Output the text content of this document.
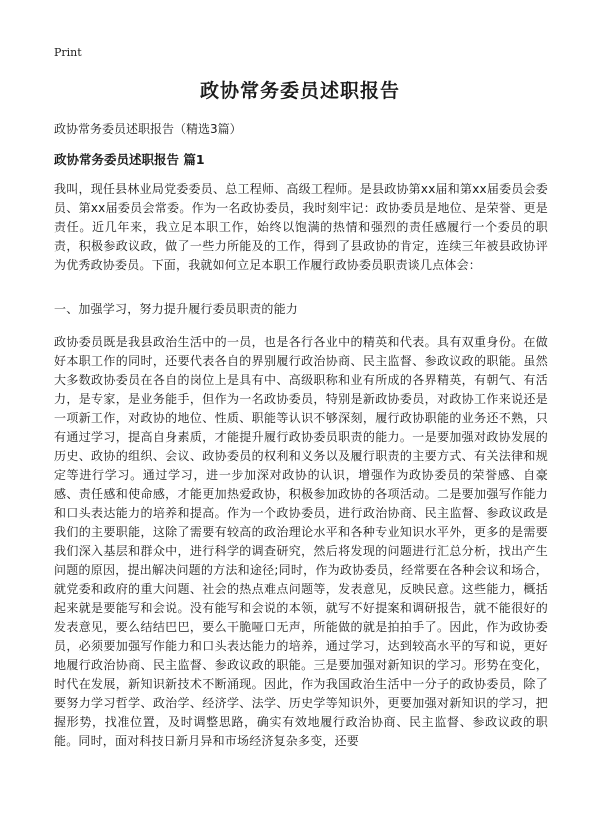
Print
政协常务委员述职报告
政协常务委员述职报告（精选3篇）
政协常务委员述职报告 篇1
我叫，现任县林业局党委委员、总工程师、高级工程师。是县政协第xx届和第xx届委员会委员、第xx届委员会常委。作为一名政协委员，我时刻牢记：政协委员是地位、是荣誉、更是责任。近几年来，我立足本职工作，始终以饱满的热情和强烈的责任感履行一个委员的职责，积极参政议政，做了一些力所能及的工作，得到了县政协的肯定，连续三年被县政协评为优秀政协委员。下面，我就如何立足本职工作履行政协委员职责谈几点体会：
一、加强学习，努力提升履行委员职责的能力
政协委员既是我县政治生活中的一员，也是各行各业中的精英和代表。具有双重身份。在做好本职工作的同时，还要代表各自的界别履行政治协商、民主监督、参政议政的职能。虽然大多数政协委员在各自的岗位上是具有中、高级职称和业有所成的各界精英，有朝气、有活力，是专家，是业务能手，但作为一名政协委员，特别是新政协委员，对政协工作来说还是一项新工作，对政协的地位、性质、职能等认识不够深刻，履行政协职能的业务还不熟，只有通过学习，提高自身素质，才能提升履行政协委员职责的能力。一是要加强对政协发展的历史、政协的组织、会议、政协委员的权利和义务以及履行职责的主要方式、有关法律和规定等进行学习。通过学习，进一步加深对政协的认识，增强作为政协委员的荣誉感、自豪感、责任感和使命感，才能更加热爱政协，积极参加政协的各项活动。二是要加强写作能力和口头表达能力的培养和提高。作为一个政协委员，进行政治协商、民主监督、参政议政是我们的主要职能，这除了需要有较高的政治理论水平和各种专业知识水平外，更多的是需要我们深入基层和群众中，进行科学的调查研究，然后将发现的问题进行汇总分析，找出产生问题的原因，提出解决问题的方法和途径;同时，作为政协委员，经常要在各种会议和场合，就党委和政府的重大问题、社会的热点难点问题等，发表意见，反映民意。这些能力，概括起来就是要能写和会说。没有能写和会说的本领，就写不好提案和调研报告，就不能很好的发表意见，要么结结巴巴，要么干脆哑口无声，所能做的就是拍拍手了。因此，作为政协委员，必须要加强写作能力和口头表达能力的培养，通过学习，达到较高水平的写和说，更好地履行政治协商、民主监督、参政议政的职能。三是要加强对新知识的学习。形势在变化，时代在发展，新知识新技术不断涌现。因此，作为我国政治生活中一分子的政协委员，除了要努力学习哲学、政治学、经济学、法学、历史学等知识外，更要加强对新知识的学习，把握形势，找准位置，及时调整思路，确实有效地履行政治协商、民主监督、参政议政的职能。同时，面对科技日新月异和市场经济复杂多变，还要
